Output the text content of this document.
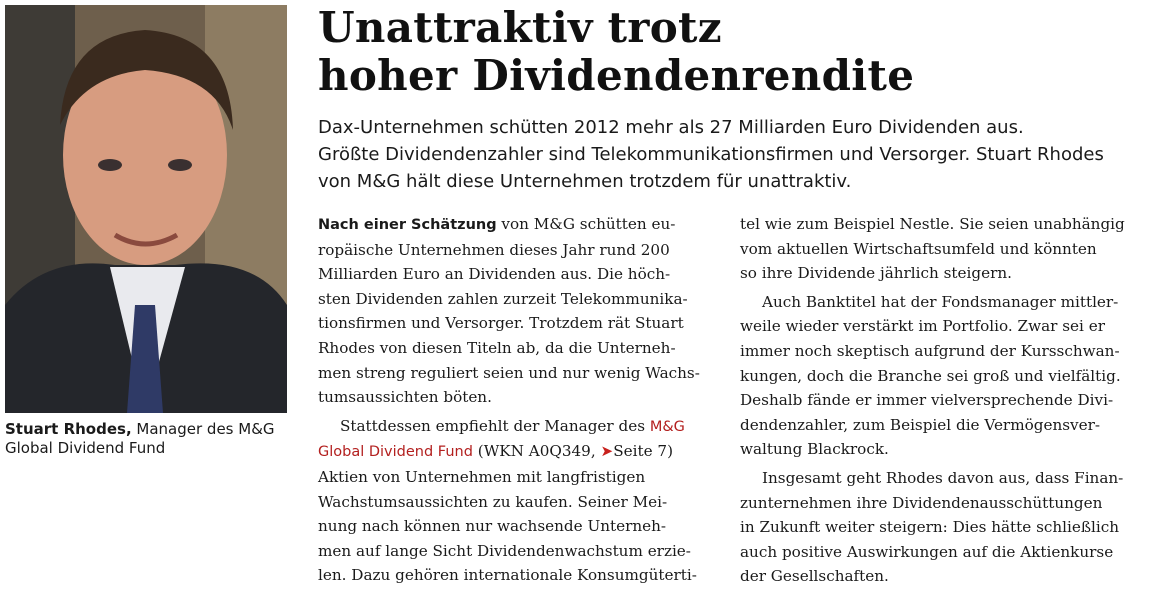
Stuart Rhodes, Manager des M&G
Global Dividend Fund
Unattraktiv trotz
hoher Dividendenrendite
Dax-Unternehmen schütten 2012 mehr als 27 Milliarden Euro Dividenden aus.
Größte Dividendenzahler sind Telekommunikationsfirmen und Versorger. Stuart Rhodes
von M&G hält diese Unternehmen trotzdem für unattraktiv.
Nach einer Schätzung von M&G schütten eu-
ropäische Unternehmen dieses Jahr rund 200
Milliarden Euro an Dividenden aus. Die höch-
sten Dividenden zahlen zurzeit Telekommunika-
tionsfirmen und Versorger. Trotzdem rät Stuart
Rhodes von diesen Titeln ab, da die Unterneh-
men streng reguliert seien und nur wenig Wachs-
tumsaussichten böten.
Stattdessen empfiehlt der Manager des M&G
Global Dividend Fund (WKN A0Q349, ➤Seite 7)
Aktien von Unternehmen mit langfristigen
Wachstumsaussichten zu kaufen. Seiner Mei-
nung nach können nur wachsende Unterneh-
men auf lange Sicht Dividendenwachstum erzie-
len. Dazu gehören internationale Konsumgüterti-
tel wie zum Beispiel Nestle. Sie seien unabhängig
vom aktuellen Wirtschaftsumfeld und könnten
so ihre Dividende jährlich steigern.
Auch Banktitel hat der Fondsmanager mittler-
weile wieder verstärkt im Portfolio. Zwar sei er
immer noch skeptisch aufgrund der Kursschwan-
kungen, doch die Branche sei groß und vielfältig.
Deshalb fände er immer vielversprechende Divi-
dendenzahler, zum Beispiel die Vermögensver-
waltung Blackrock.
Insgesamt geht Rhodes davon aus, dass Finan-
zunternehmen ihre Dividendenausschüttungen
in Zukunft weiter steigern: Dies hätte schließlich
auch positive Auswirkungen auf die Aktienkurse
der Gesellschaften.
